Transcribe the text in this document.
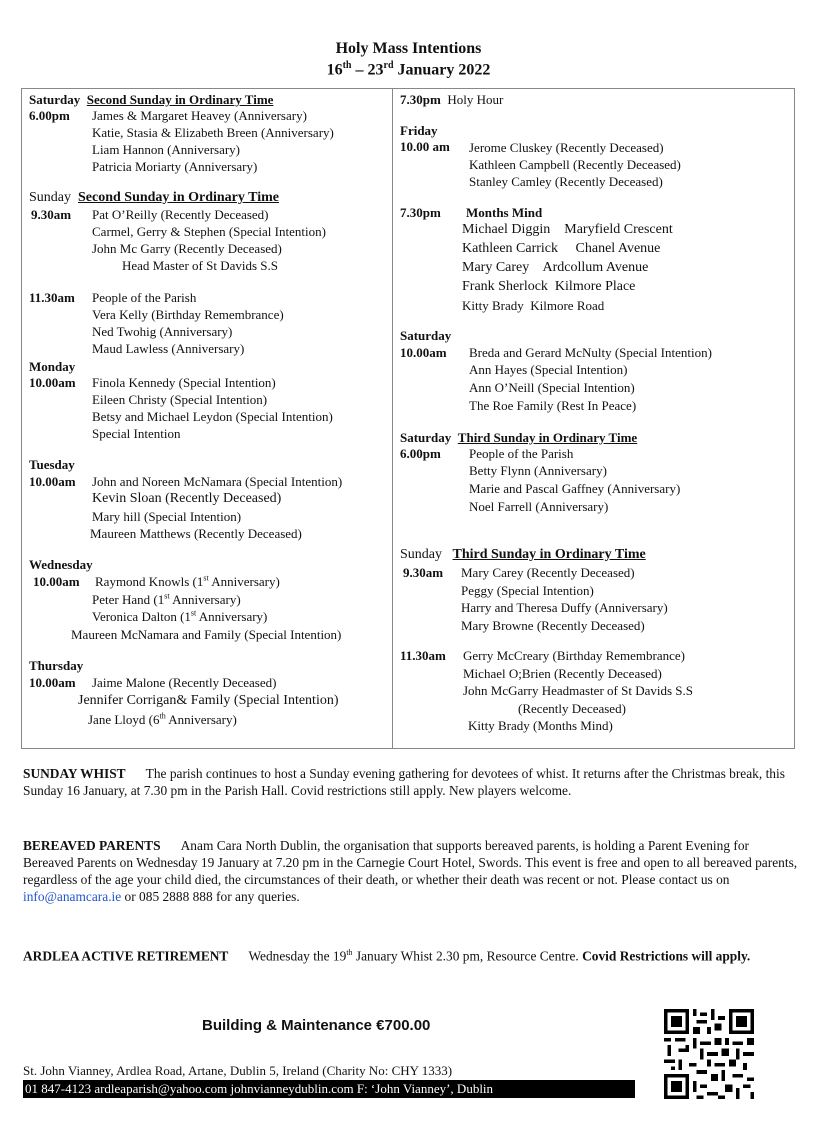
Holy Mass Intentions
16th – 23rd January 2022
Saturday Second Sunday in Ordinary Time
6.00pm James & Margaret Heavey (Anniversary)
Katie, Stasia & Elizabeth Breen (Anniversary)
Liam Hannon (Anniversary)
Patricia Moriarty (Anniversary)
Sunday Second Sunday in Ordinary Time
9.30am Pat O’Reilly (Recently Deceased)
Carmel, Gerry & Stephen (Special Intention)
John Mc Garry (Recently Deceased)
Head Master of St Davids S.S
11.30am People of the Parish
Vera Kelly (Birthday Remembrance)
Ned Twohig (Anniversary)
Maud Lawless (Anniversary)
Monday
10.00am Finola Kennedy (Special Intention)
Eileen Christy (Special Intention)
Betsy and Michael Leydon (Special Intention)
Special Intention
Tuesday
10.00am John and Noreen McNamara (Special Intention)
Kevin Sloan (Recently Deceased)
Mary hill (Special Intention)
Maureen Matthews (Recently Deceased)
Wednesday
10.00am Raymond Knowls (1st Anniversary)
Peter Hand (1st Anniversary)
Veronica Dalton (1st Anniversary)
Maureen McNamara and Family (Special Intention)
Thursday
10.00am Jaime Malone (Recently Deceased)
Jennifer Corrigan& Family (Special Intention)
Jane Lloyd (6th Anniversary)
7.30pm Holy Hour
Friday
10.00 am Jerome Cluskey (Recently Deceased)
Kathleen Campbell (Recently Deceased)
Stanley Camley (Recently Deceased)
7.30pm Months Mind
Michael Diggin    Maryfield Crescent
Kathleen Carrick     Chanel Avenue
Mary Carey    Ardcollum Avenue
Frank Sherlock  Kilmore Place
Kitty Brady  Kilmore Road
Saturday
10.00am Breda and Gerard McNulty (Special Intention)
Ann Hayes (Special Intention)
Ann O’Neill (Special Intention)
The Roe Family (Rest In Peace)
Saturday Third Sunday in Ordinary Time
6.00pm People of the Parish
Betty Flynn (Anniversary)
Marie and Pascal Gaffney (Anniversary)
Noel Farrell (Anniversary)
Sunday Third Sunday in Ordinary Time
9.30am Mary Carey (Recently Deceased)
Peggy (Special Intention)
Harry and Theresa Duffy (Anniversary)
Mary Browne (Recently Deceased)
11.30am Gerry McCreary (Birthday Remembrance)
Michael O;Brien (Recently Deceased)
John McGarry Headmaster of St Davids S.S
(Recently Deceased)
Kitty Brady (Months Mind)
SUNDAY WHIST The parish continues to host a Sunday evening gathering for devotees of whist. It returns after the Christmas break, this Sunday 16 January, at 7.30 pm in the Parish Hall. Covid restrictions still apply. New players welcome.
BEREAVED PARENTS Anam Cara North Dublin, the organisation that supports bereaved parents, is holding a Parent Evening for Bereaved Parents on Wednesday 19 January at 7.20 pm in the Carnegie Court Hotel, Swords. This event is free and open to all bereaved parents, regardless of the age your child died, the circumstances of their death, or whether their death was recent or not. Please contact us on info@anamcara.ie or 085 2888 888 for any queries.
ARDLEA ACTIVE RETIREMENT Wednesday the 19th January Whist 2.30 pm, Resource Centre. Covid Restrictions will apply.
Building & Maintenance €700.00
St. John Vianney, Ardlea Road, Artane, Dublin 5, Ireland (Charity No: CHY 1333)
01 847-4123 ardleaparish@yahoo.com johnvianneydublin.com F: ‘John Vianney’, Dublin
